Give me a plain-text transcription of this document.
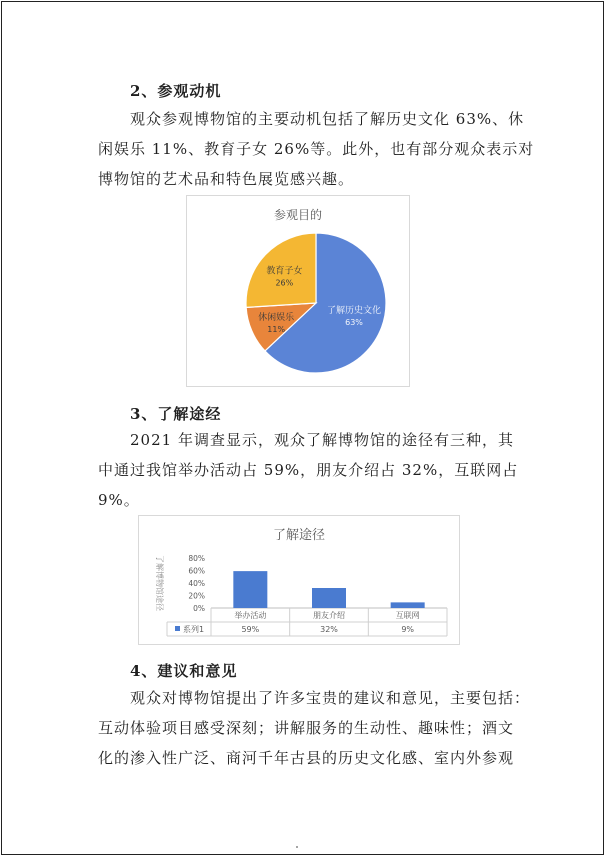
2、参观动机
观众参观博物馆的主要动机包括了解历史文化 63%、休
闲娱乐 11%、教育子女 26%等。此外，也有部分观众表示对
博物馆的艺术品和特色展览感兴趣。
参观目的
了解历史文化
63%
休闲娱乐
11%
教育子女
26%
3、了解途经
2021 年调查显示，观众了解博物馆的途径有三种，其
中通过我馆举办活动占 59%，朋友介绍占 32%，互联网占
9%。
了解途径
80%
60%
40%
20%
0%
了解博物馆途径
系列1
举办活动
59%
朋友介绍
32%
互联网
9%
4、建议和意见
观众对博物馆提出了许多宝贵的建议和意见，主要包括：
互动体验项目感受深刻；讲解服务的生动性、趣味性；酒文
化的渗入性广泛、商河千年古县的历史文化感、室内外参观
